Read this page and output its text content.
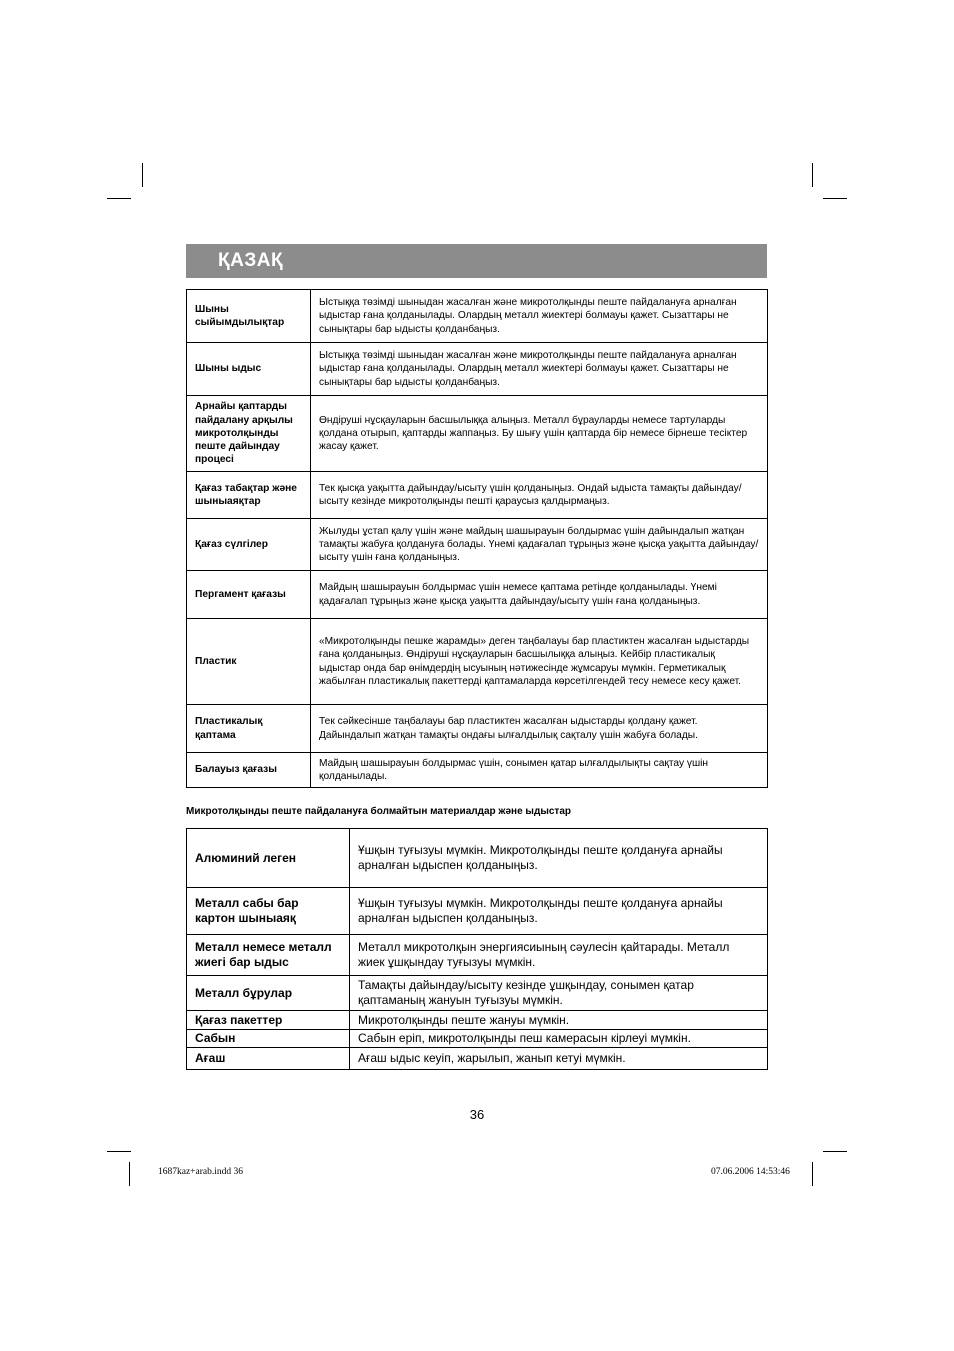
ҚАЗАҚ
Шыны сыйымдылықтар	Ыстыққа төзімді шыныдан жасалған және микротолқынды пеште пайдалануға арналған ыдыстар ғана қолданылады. Олардың металл жиектері болмауы қажет. Сызаттары не сынықтары бар ыдысты қолданбаңыз.
Шыны ыдыс	Ыстыққа төзімді шыныдан жасалған және микротолқынды пеште пайдалануға арналған ыдыстар ғана қолданылады. Олардың металл жиектері болмауы қажет. Сызаттары не сынықтары бар ыдысты қолданбаңыз.
Арнайы қаптарды пайдалану арқылы микротолқынды пеште дайындау процесі	Өндіруші нұсқауларын басшылыққа алыңыз. Металл бұрауларды немесе тартуларды қолдана отырып, қаптарды жаппаңыз. Бу шығу үшін қаптарда бір немесе бірнеше тесіктер жасау қажет.
Қағаз табақтар және шыныаяқтар	Тек қысқа уақытта дайындау/ысыту үшін қолданыңыз. Ондай ыдыста тамақты дайындау/ысыту кезінде микротолқынды пешті қараусыз қалдырмаңыз.
Қағаз сүлгілер	Жылуды ұстап қалу үшін және майдың шашырауын болдырмас үшін дайындалып жатқан тамақты жабуға қолдануға болады. Үнемі қадағалап тұрыңыз және қысқа уақытта дайындау/ысыту үшін ғана қолданыңыз.
Пергамент қағазы	Майдың шашырауын болдырмас үшін немесе қаптама ретінде қолданылады. Үнемі қадағалап тұрыңыз және қысқа уақытта дайындау/ысыту үшін ғана қолданыңыз.
Пластик	«Микротолқынды пешке жарамды» деген таңбалауы бар пластиктен жасалған ыдыстарды ғана қолданыңыз. Өндіруші нұсқауларын басшылыққа алыңыз. Кейбір пластикалық ыдыстар онда бар өнімдердің ысуының нәтижесінде жұмсаруы мүмкін. Герметикалық жабылған пластикалық пакеттерді қаптамаларда көрсетілгендей тесу немесе кесу қажет.
Пластикалық қаптама	Тек сәйкесінше таңбалауы бар пластиктен жасалған ыдыстарды қолдану қажет. Дайындалып жатқан тамақты ондағы ылғалдылық сақталу үшін жабуға болады.
Балауыз қағазы	Майдың шашырауын болдырмас үшін, сонымен қатар ылғалдылықты сақтау үшін қолданылады.
Микротолқынды пеште пайдалануға болмайтын материалдар және ыдыстар
Алюминий леген	Ұшқын туғызуы мүмкін. Микротолқынды пеште қолдануға арнайы арналған ыдыспен қолданыңыз.
Металл сабы бар картон шыныаяқ	Ұшқын туғызуы мүмкін. Микротолқынды пеште қолдануға арнайы арналған ыдыспен қолданыңыз.
Металл немесе металл жиегі бар ыдыс	Металл микротолқын энергиясиының сәулесін қайтарады. Металл жиек ұшқындау туғызуы мүмкін.
Металл бұрулар	Тамақты дайындау/ысыту кезінде ұшқындау, сонымен қатар қаптаманың жануын туғызуы мүмкін.
Қағаз пакеттер	Микротолқынды пеште жануы мүмкін.
Сабын	Сабын еріп, микротолқынды пеш камерасын кірлеуі мүмкін.
Ағаш	Ағаш ыдыс кеуіп, жарылып, жанып кетуі мүмкін.
36
1687kaz+arab.indd 36	07.06.2006 14:53:46
